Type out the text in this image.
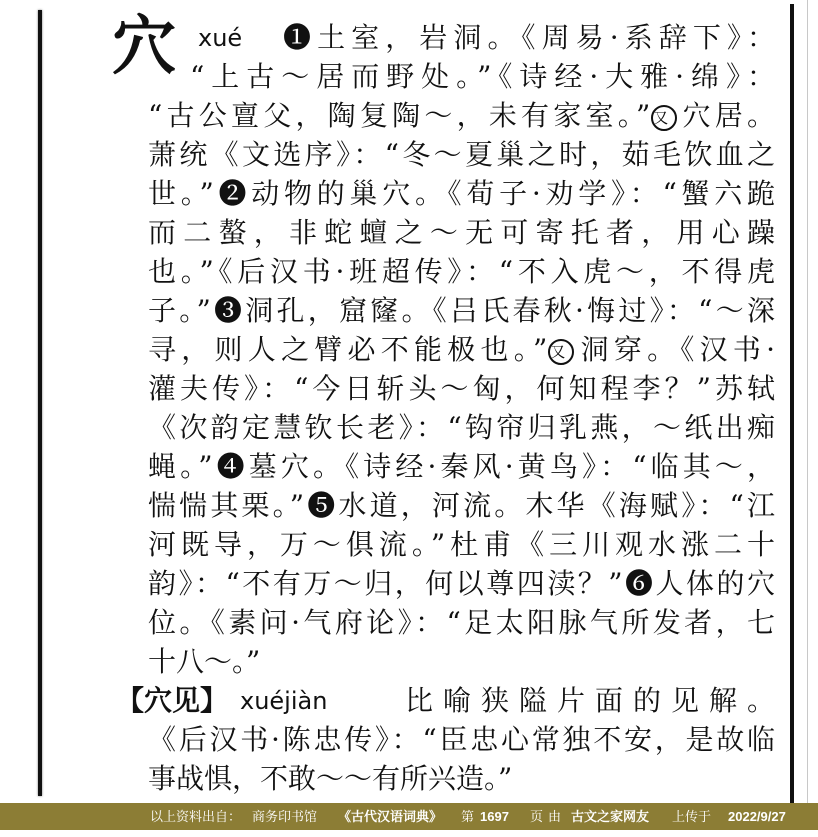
穴 xué
【穴见】 xuéjiàn	比喻狭隘片面的见解。
❶土室，岩洞。《周易·系辞下》：
“上古～居而野处。”《诗经·大雅·绵》：
“古公亶父，陶复陶～，未有家室。” 又 穴居。
萧统《文选序》：“冬～夏巢之时，茹毛饮血之
世。”❷动物的巢穴。《荀子·劝学》：“蟹六跪
而二螯，非蛇蟺之～无可寄托者，用心躁
也。”《后汉书·班超传》：“不入虎～，不得虎
子。”❸洞孔，窟窿。《吕氏春秋·悔过》：“～深
寻，则人之臂必不能极也。” 又 洞穿。《汉书·
灌夫传》：“今日斩头～匈，何知程李？”苏轼
《次韵定慧钦长老》：“钩帘归乳燕，～纸出痴
蝇。”❹墓穴。《诗经·秦风·黄鸟》：“临其～，
惴惴其栗。”❺水道，河流。木华《海赋》：“江
河既导，万～俱流。”杜甫《三川观水涨二十
韵》：“不有万～归，何以尊四渎？”❻人体的穴
位。《素问·气府论》：“足太阳脉气所发者，七
十八～。”
《后汉书·陈忠传》：“臣忠心常独不安，是故临
事战惧，不敢～～有所兴造。”
以上资料出自： 商务印书馆 《古代汉语词典》 第 1697 页 由 古文之家网友 上传于 2022/9/27
